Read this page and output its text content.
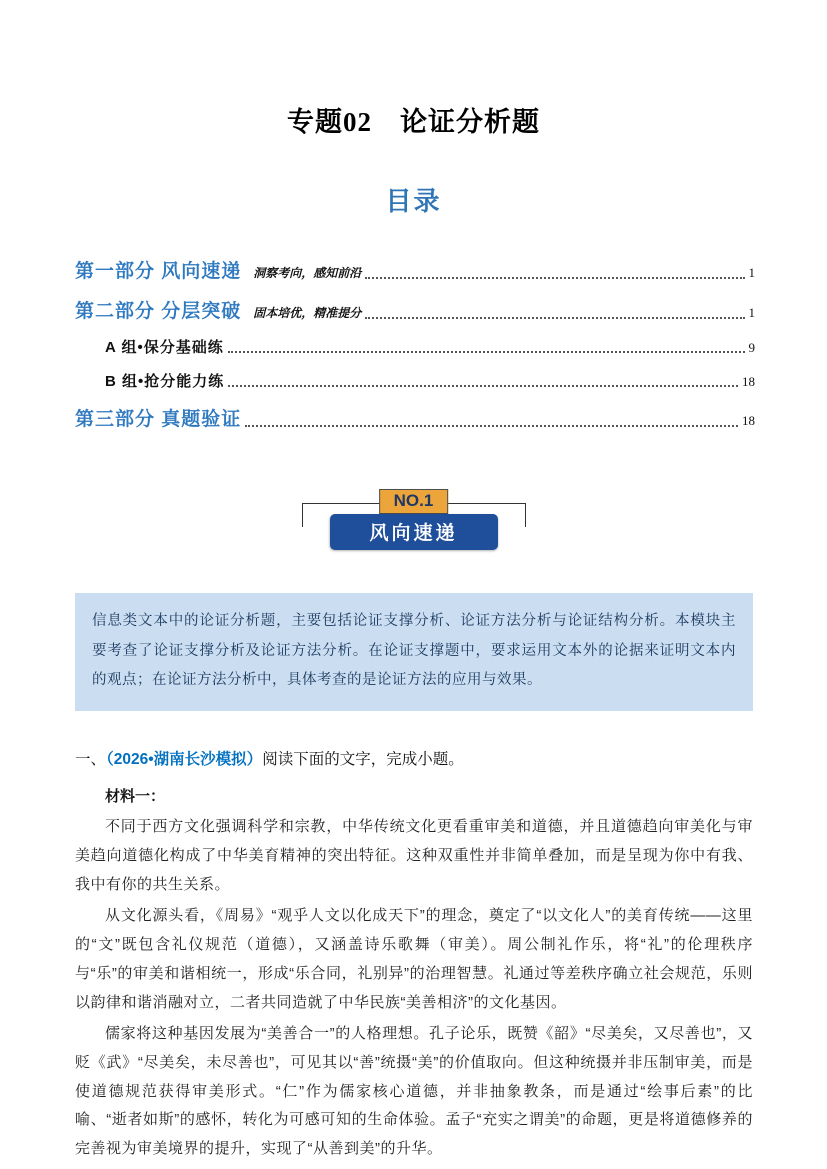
专题02　论证分析题
目录
第一部分 风向速递 洞察考向，感知前沿	1
第二部分 分层突破 固本培优，精准提分	1
A 组•保分基础练	9
B 组•抢分能力练	18
第三部分 真题验证	18
NO.1
风向速递
信息类文本中的论证分析题，主要包括论证支撑分析、论证方法分析与论证结构分析。本模块主要考查了论证支撑分析及论证方法分析。在论证支撑题中，要求运用文本外的论据来证明文本内的观点；在论证方法分析中，具体考查的是论证方法的应用与效果。
一、（2026•湖南长沙模拟）阅读下面的文字，完成小题。
材料一：

不同于西方文化强调科学和宗教，中华传统文化更看重审美和道德，并且道德趋向审美化与审美趋向道德化构成了中华美育精神的突出特征。这种双重性并非简单叠加，而是呈现为你中有我、我中有你的共生关系。

从文化源头看，《周易》“观乎人文以化成天下”的理念，奠定了“以文化人”的美育传统——这里的“文”既包含礼仪规范（道德），又涵盖诗乐歌舞（审美）。周公制礼作乐，将“礼”的伦理秩序与“乐”的审美和谐相统一，形成“乐合同，礼别异”的治理智慧。礼通过等差秩序确立社会规范，乐则以韵律和谐消融对立，二者共同造就了中华民族“美善相济”的文化基因。

儒家将这种基因发展为“美善合一”的人格理想。孔子论乐，既赞《韶》“尽美矣，又尽善也”，又贬《武》“尽美矣，未尽善也”，可见其以“善”统摄“美”的价值取向。但这种统摄并非压制审美，而是使道德规范获得审美形式。“仁”作为儒家核心道德，并非抽象教条，而是通过“绘事后素”的比喻、“逝者如斯”的感怀，转化为可感可知的生命体验。孟子“充实之谓美”的命题，更是将道德修养的完善视为审美境界的提升，实现了“从善到美”的升华。
